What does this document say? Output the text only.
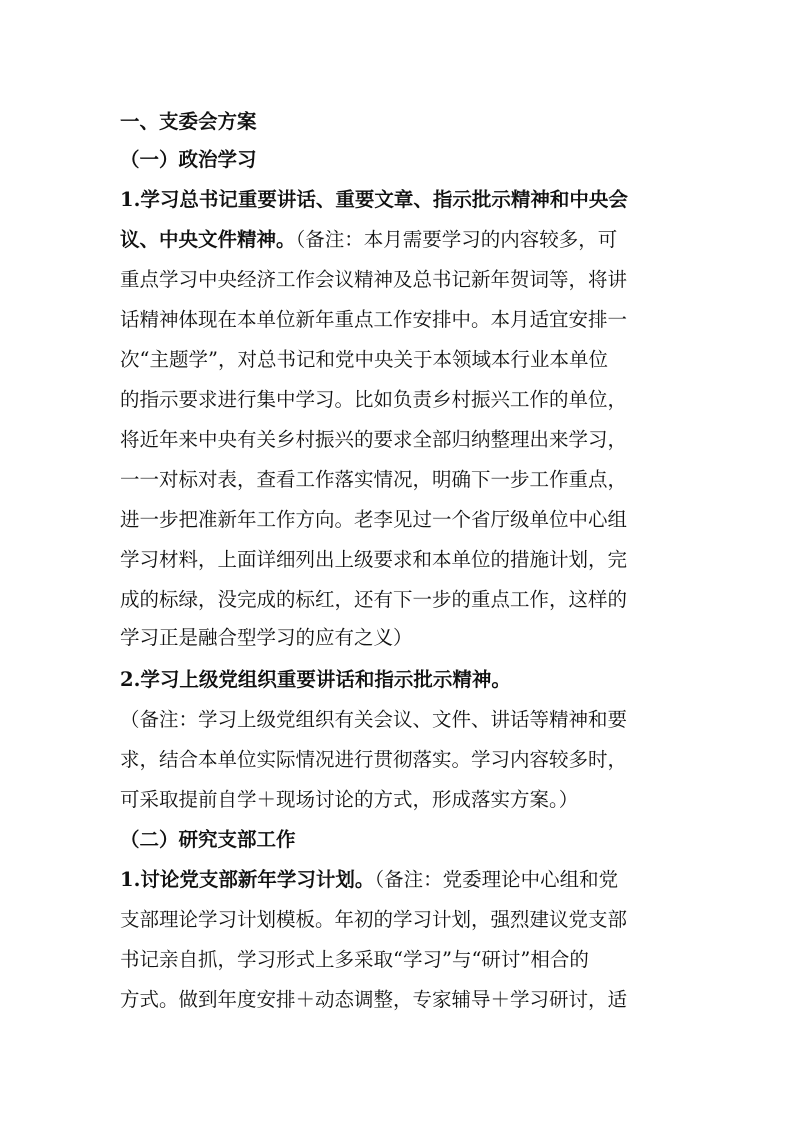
一、支委会方案
（一）政治学习
1.学习总书记重要讲话、重要文章、指示批示精神和中央会
议、中央文件精神。（备注：本月需要学习的内容较多，可
重点学习中央经济工作会议精神及总书记新年贺词等，将讲
话精神体现在本单位新年重点工作安排中。本月适宜安排一
次“主题学”，对总书记和党中央关于本领域本行业本单位
的指示要求进行集中学习。比如负责乡村振兴工作的单位，
将近年来中央有关乡村振兴的要求全部归纳整理出来学习，
一一对标对表，查看工作落实情况，明确下一步工作重点，
进一步把准新年工作方向。老李见过一个省厅级单位中心组
学习材料，上面详细列出上级要求和本单位的措施计划，完
成的标绿，没完成的标红，还有下一步的重点工作，这样的
学习正是融合型学习的应有之义）
2.学习上级党组织重要讲话和指示批示精神。
（备注：学习上级党组织有关会议、文件、讲话等精神和要
求，结合本单位实际情况进行贯彻落实。学习内容较多时，
可采取提前自学＋现场讨论的方式，形成落实方案。）
（二）研究支部工作
1.讨论党支部新年学习计划。（备注：党委理论中心组和党
支部理论学习计划模板。年初的学习计划，强烈建议党支部
书记亲自抓，学习形式上多采取“学习”与“研讨”相合的
方式。做到年度安排＋动态调整，专家辅导＋学习研讨，适
